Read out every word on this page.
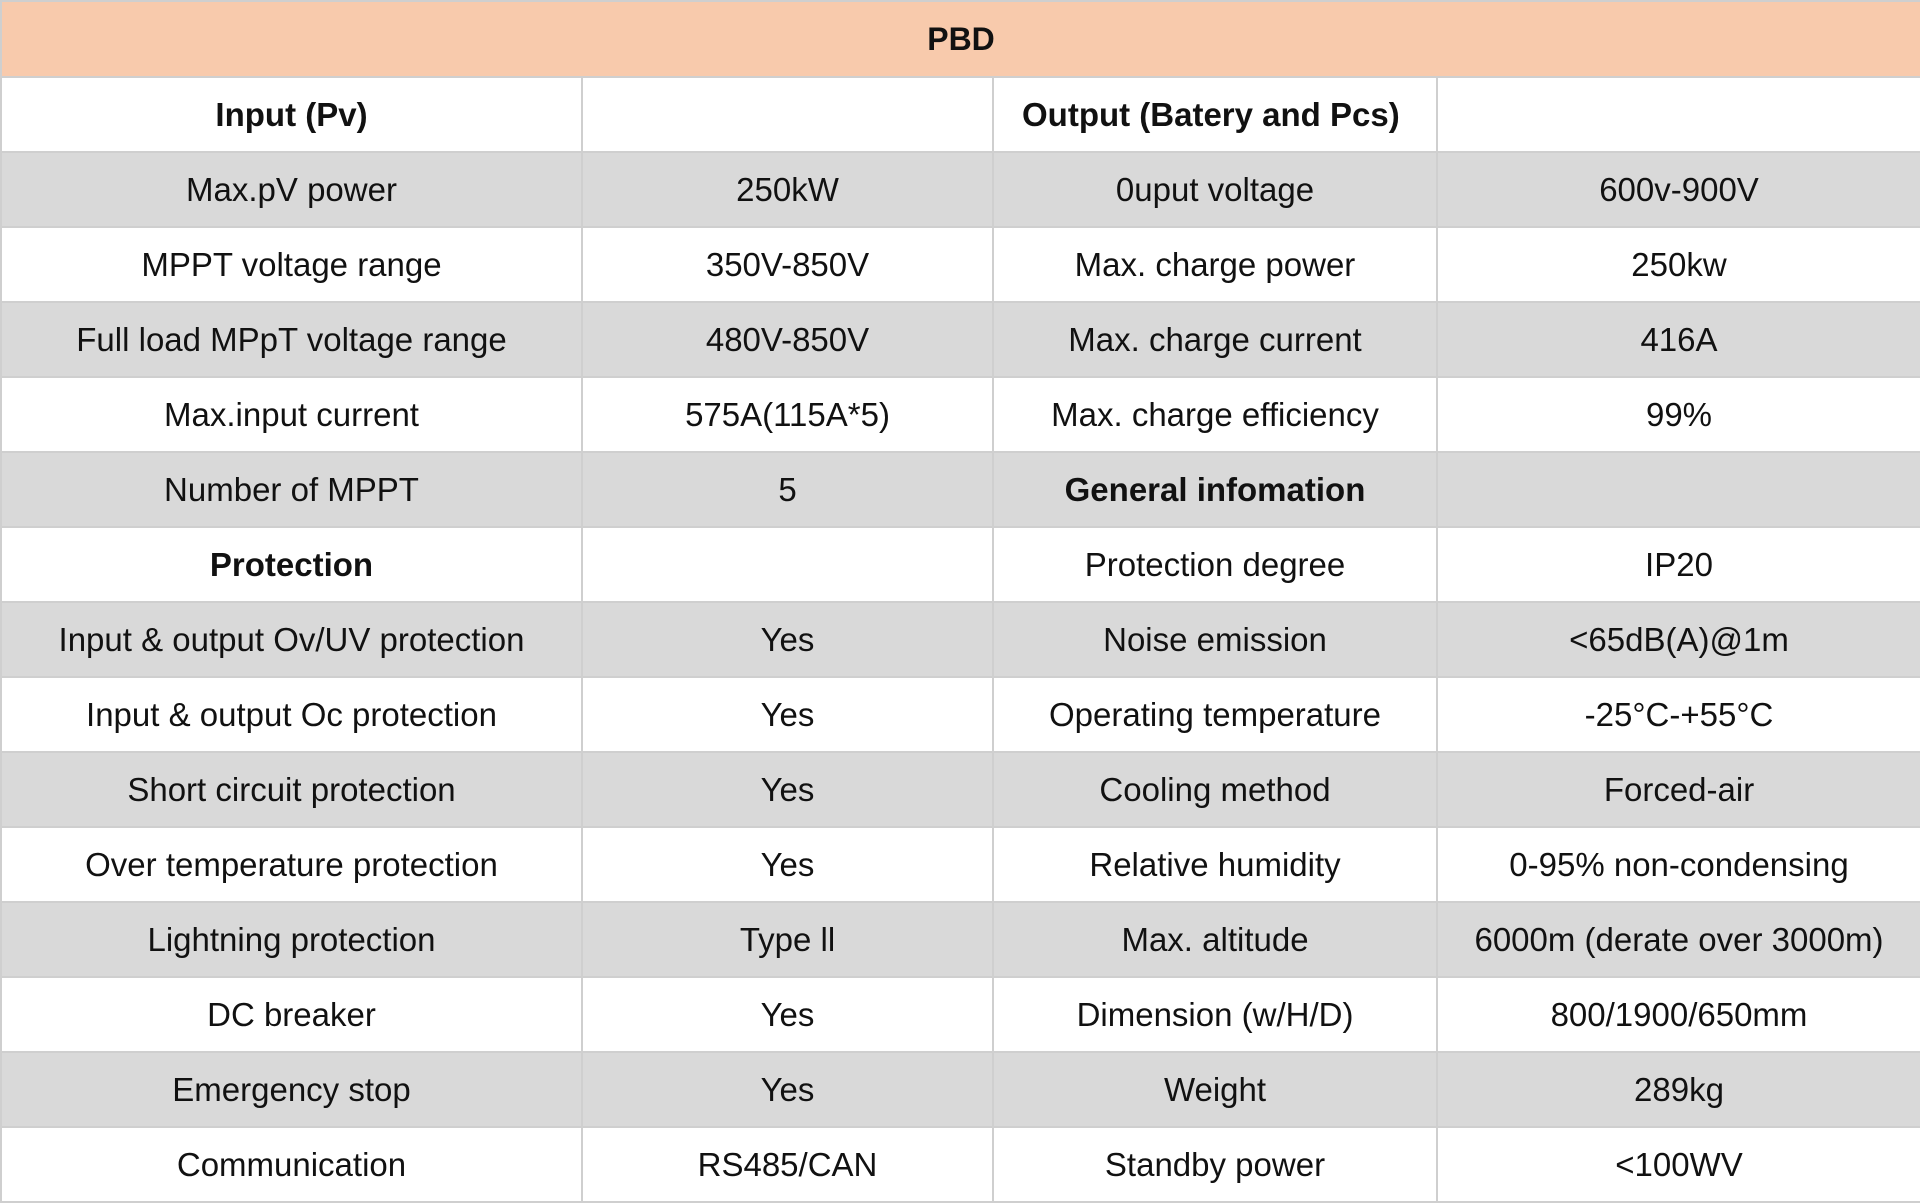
PBD			
Input (Pv)		Output (Batery and Pcs)	
Max.pV power	250kW	0uput voltage	600v-900V
MPPT voltage range	350V-850V	Max. charge power	250kw
Full load MPpT voltage range	480V-850V	Max. charge current	416A
Max.input current	575A(115A*5)	Max. charge efficiency	99%
Number of MPPT	5	General infomation	
Protection		Protection degree	IP20
Input & output Ov/UV protection	Yes	Noise emission	<65dB(A)@1m
Input & output Oc protection	Yes	Operating temperature	-25°C-+55°C
Short circuit protection	Yes	Cooling method	Forced-air
Over temperature protection	Yes	Relative humidity	0-95% non-condensing
Lightning protection	Type ll	Max. altitude	6000m (derate over 3000m)
DC breaker	Yes	Dimension (w/H/D)	800/1900/650mm
Emergency stop	Yes	Weight	289kg
Communication	RS485/CAN	Standby power	<100WV
